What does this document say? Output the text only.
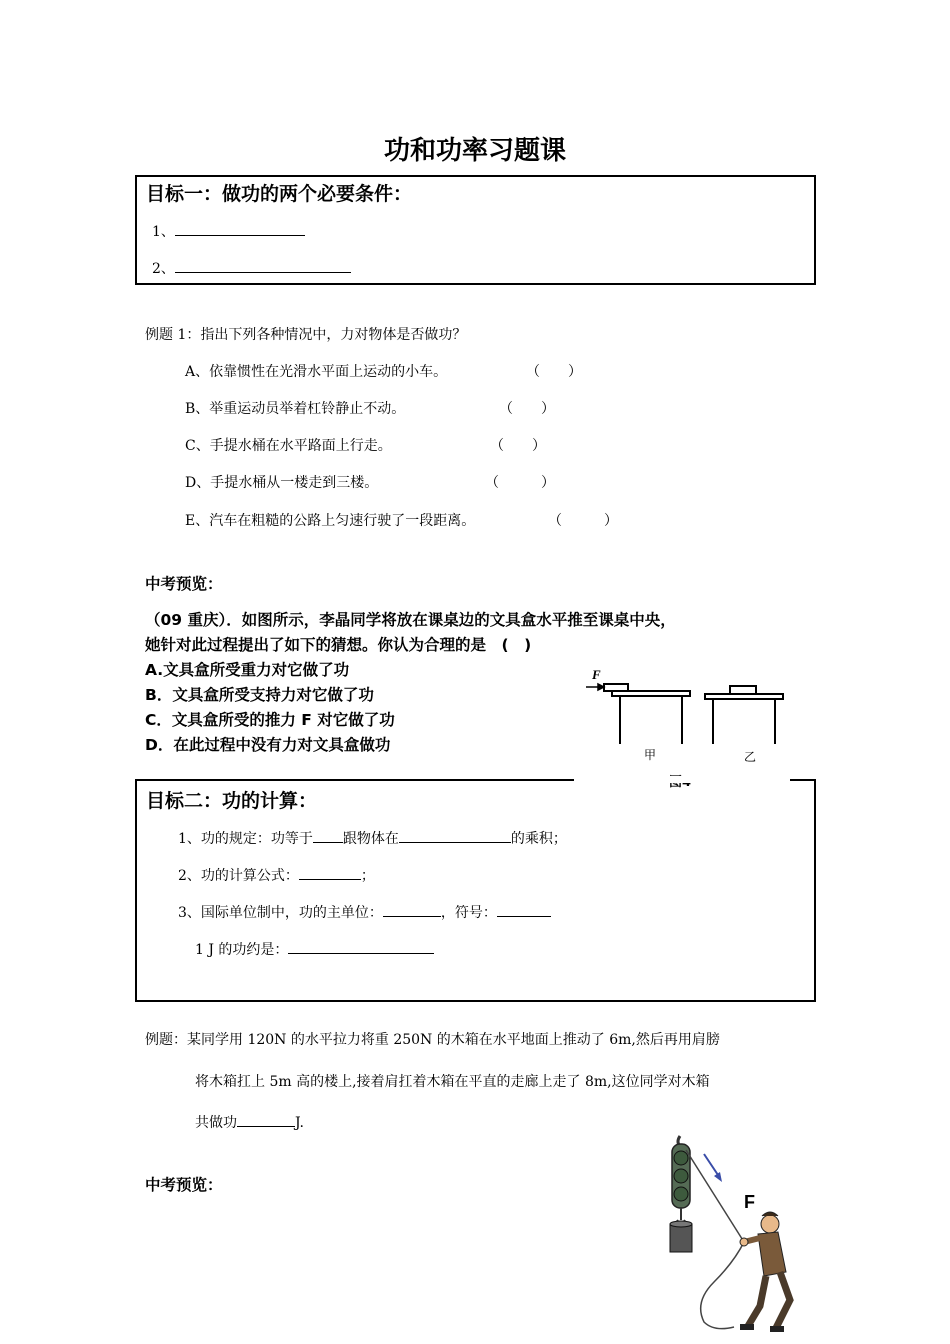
功和功率习题课
目标一：做功的两个必要条件：
1、
2、
例题 1：指出下列各种情况中，力对物体是否做功？
A、依靠惯性在光滑水平面上运动的小车。	（　　）
B、举重运动员举着杠铃静止不动。	（　　）
C、手提水桶在水平路面上行走。	（　　）
D、手提水桶从一楼走到三楼。	（　　　）
E、汽车在粗糙的公路上匀速行驶了一段距离。	（　　　）
中考预览：
（09 重庆）．如图所示，李晶同学将放在课桌边的文具盒水平推至课桌中央，
她针对此过程提出了如下的猜想。你认为合理的是　(　)
A.文具盒所受重力对它做了功
B．文具盒所受支持力对它做了功
C．文具盒所受的推力 F 对它做了功
D．在此过程中没有力对文具盒做功
F
甲	乙
目标二：功的计算：
1、功的规定：功等于 跟物体在	的乘积；
2、功的计算公式：	；
3、国际单位制中，功的主单位：	，符号：
1 J 的功约是：
例题：某同学用 120N 的水平拉力将重 250N 的木箱在水平地面上推动了 6m,然后再用肩膀
将木箱扛上 5m 高的楼上,接着肩扛着木箱在平直的走廊上走了 8m,这位同学对木箱
共做功	J.
中考预览：
F
